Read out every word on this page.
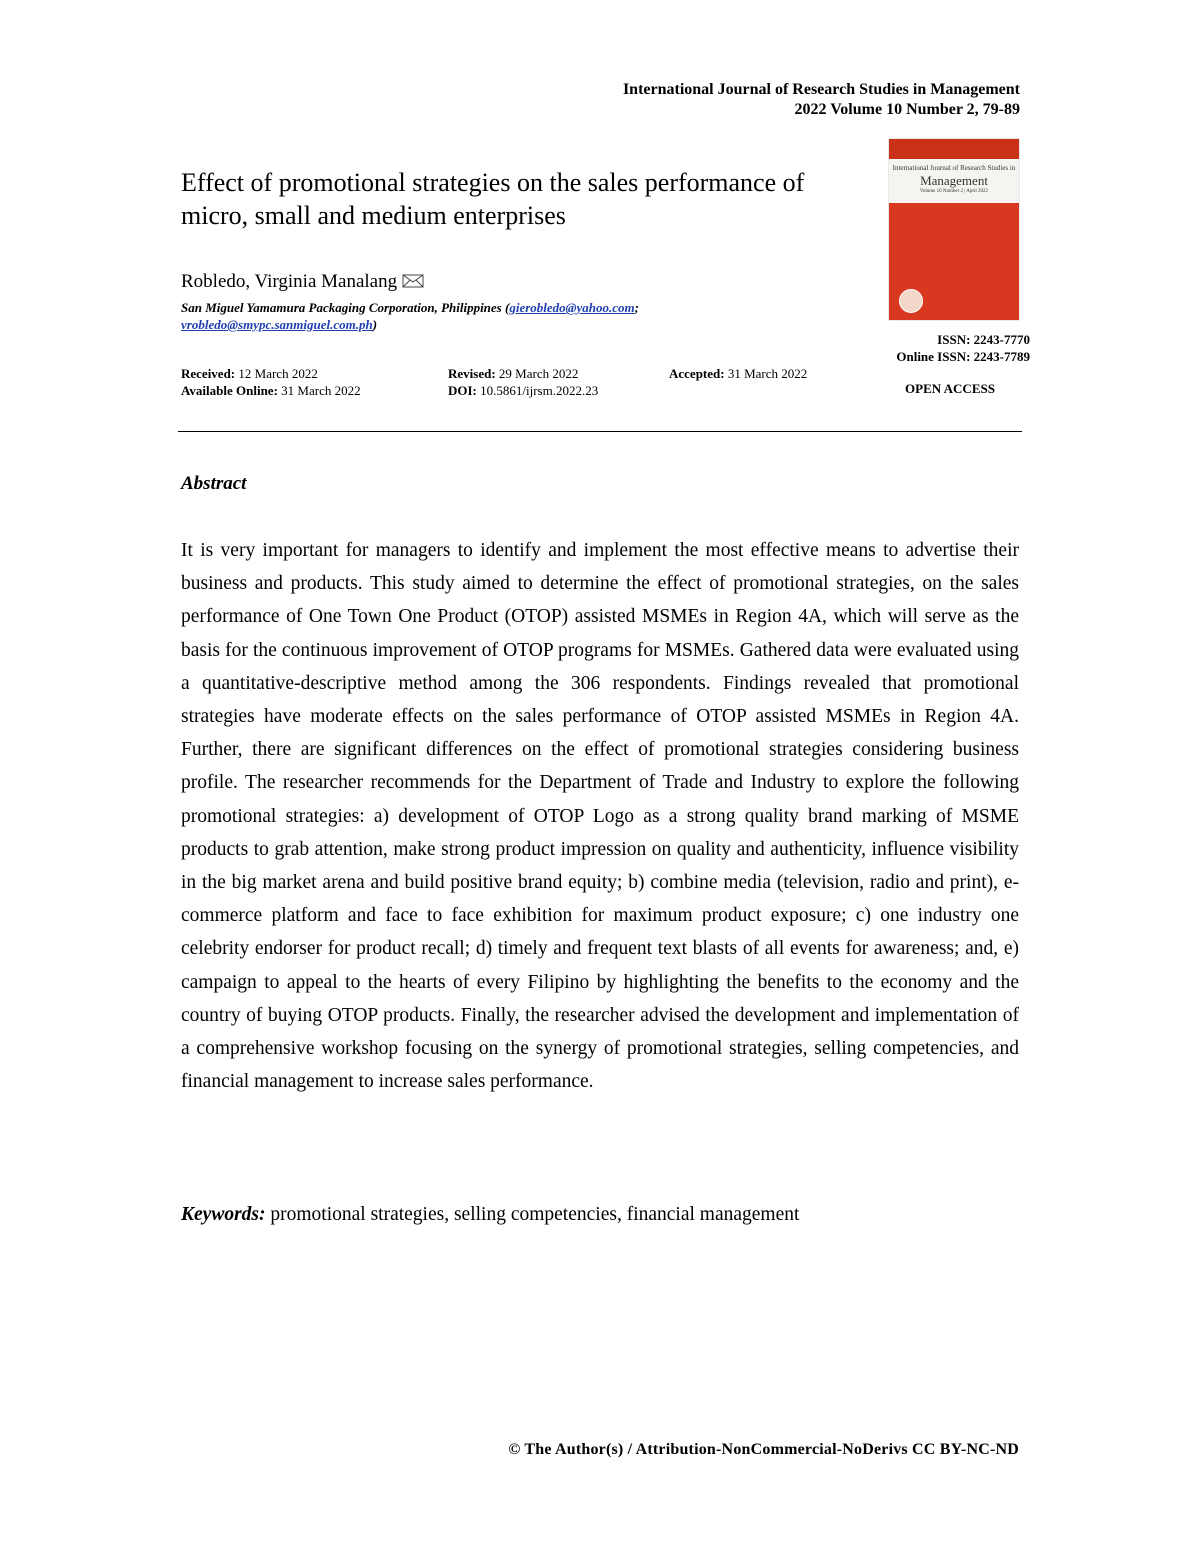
International Journal of Research Studies in Management
2022 Volume 10 Number 2, 79-89
Effect of promotional strategies on the sales performance of micro, small and medium enterprises
International Journal of Research Studies in
Management
Volume 10 Number 2 | April 2022
ISSN: 2243-7770
Online ISSN: 2243-7789
OPEN ACCESS
Robledo, Virginia Manalang
San Miguel Yamamura Packaging Corporation, Philippines (gierobledo@yahoo.com; vrobledo@smypc.sanmiguel.com.ph)
Received: 12 March 2022
Available Online: 31 March 2022
Revised: 29 March 2022
DOI: 10.5861/ijrsm.2022.23
Accepted: 31 March 2022
Abstract

It is very important for managers to identify and implement the most effective means to advertise their business and products. This study aimed to determine the effect of promotional strategies, on the sales performance of One Town One Product (OTOP) assisted MSMEs in Region 4A, which will serve as the basis for the continuous improvement of OTOP programs for MSMEs. Gathered data were evaluated using a quantitative-descriptive method among the 306 respondents. Findings revealed that promotional strategies have moderate effects on the sales performance of OTOP assisted MSMEs in Region 4A. Further, there are significant differences on the effect of promotional strategies considering business profile. The researcher recommends for the Department of Trade and Industry to explore the following promotional strategies: a) development of OTOP Logo as a strong quality brand marking of MSME products to grab attention, make strong product impression on quality and authenticity, influence visibility in the big market arena and build positive brand equity; b) combine media (television, radio and print), e-commerce platform and face to face exhibition for maximum product exposure; c) one industry one celebrity endorser for product recall; d) timely and frequent text blasts of all events for awareness; and, e) campaign to appeal to the hearts of every Filipino by highlighting the benefits to the economy and the country of buying OTOP products. Finally, the researcher advised the development and implementation of a comprehensive workshop focusing on the synergy of promotional strategies, selling competencies, and financial management to increase sales performance.

Keywords: promotional strategies, selling competencies, financial management
© The Author(s) / Attribution-NonCommercial-NoDerivs CC BY-NC-ND
